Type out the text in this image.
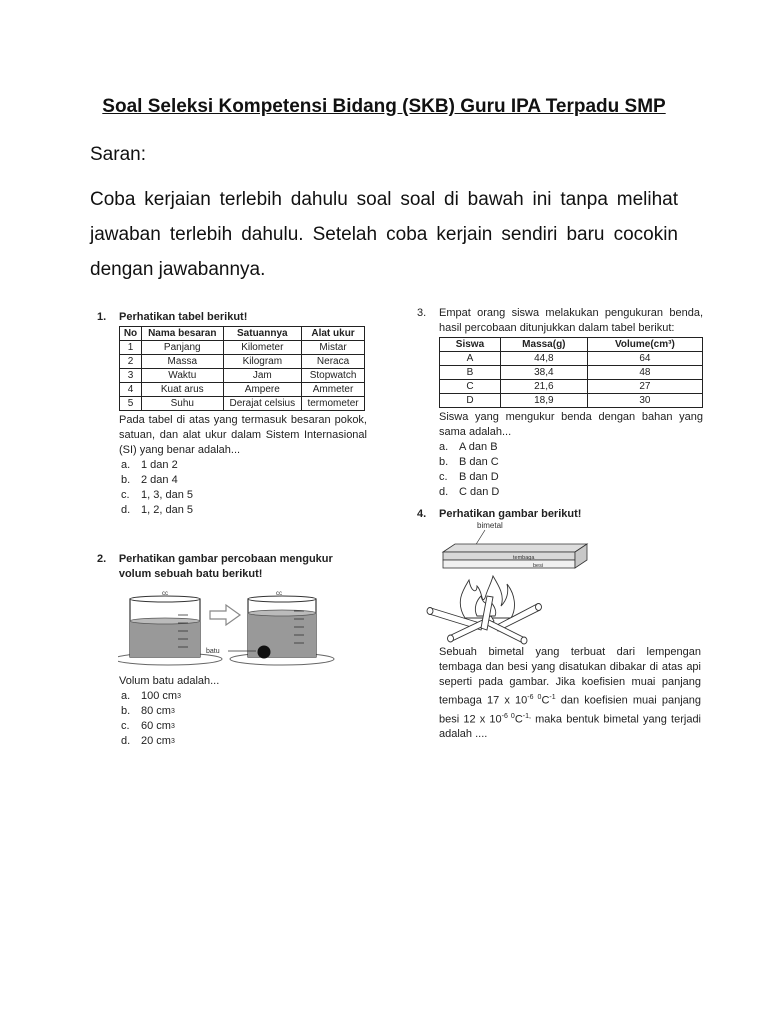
Soal Seleksi Kompetensi Bidang (SKB) Guru IPA Terpadu SMP
Saran:
Coba kerjaian terlebih dahulu soal soal di bawah ini tanpa melihat jawaban terlebih dahulu. Setelah coba kerjain sendiri baru cocokin dengan jawabannya.
1.	Perhatikan tabel berikut!
No	Nama besaran	Satuannya	Alat ukur
1	Panjang	Kilometer	Mistar
2	Massa	Kilogram	Neraca
3	Waktu	Jam	Stopwatch
4	Kuat arus	Ampere	Ammeter
5	Suhu	Derajat celsius	termometer
Pada tabel di atas yang termasuk besaran pokok, satuan, dan alat ukur dalam Sistem Internasional (SI) yang benar adalah...
a. 1 dan 2
b. 2 dan 4
c.	1, 3, dan 5
d. 1, 2, dan 5
2.	Perhatikan gambar percobaan mengukur volum sebuah batu berikut!
cc	cc
batu
Volum batu adalah...
a. 100 cm 3
b. 80 cm 3
c.	60 cm 3
d. 20 cm 3
3.	Empat orang siswa melakukan pengukuran benda, hasil percobaan ditunjukkan dalam tabel berikut:
Siswa	Massa(g)	Volume(cm³)
A	44,8	64
B	38,4	48
C	21,6	27
D	18,9	30
Siswa yang mengukur benda dengan bahan yang sama adalah...
a. A dan B
b. B dan C
c.	B dan D
d. C dan D
4.	Perhatikan gambar berikut!
bimetal
tembaga
besi
Sebuah bimetal yang terbuat dari lempengan tembaga dan besi yang disatukan dibakar di atas api seperti pada gambar. Jika koefisien muai panjang tembaga 17 x $10^{-6 0}C^{-1}$ dan koefisien muai panjang besi 12 x $10^{-6 0}C^{-1,}$ maka bentuk bimetal yang terjadi adalah ....
